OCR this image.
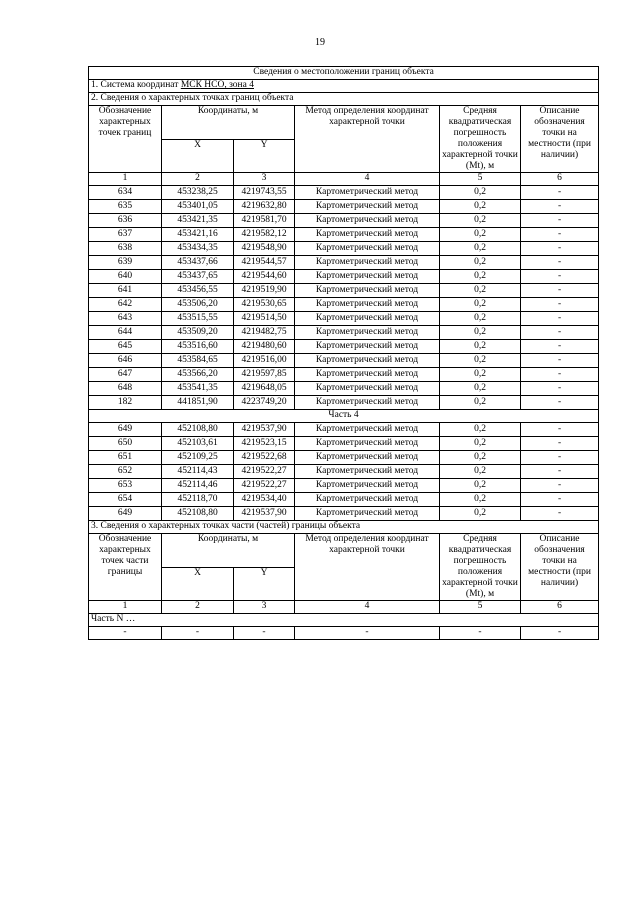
19
Сведения о местоположении границ объекта					
1. Система координат МСК НСО, зона 4					
2. Сведения о характерных точках границ объекта					
Обозначение характерных точек границ	Координаты, м		Метод определения координат характерной точки	Средняя квадратическая погрешность положения характерной точки (Mt), м	Описание обозначения точки на местности (при наличии)
	X	Y			
1	2	3	4	5	6
634	453238,25	4219743,55	Картометрический метод	0,2	-
635	453401,05	4219632,80	Картометрический метод	0,2	-
636	453421,35	4219581,70	Картометрический метод	0,2	-
637	453421,16	4219582,12	Картометрический метод	0,2	-
638	453434,35	4219548,90	Картометрический метод	0,2	-
639	453437,66	4219544,57	Картометрический метод	0,2	-
640	453437,65	4219544,60	Картометрический метод	0,2	-
641	453456,55	4219519,90	Картометрический метод	0,2	-
642	453506,20	4219530,65	Картометрический метод	0,2	-
643	453515,55	4219514,50	Картометрический метод	0,2	-
644	453509,20	4219482,75	Картометрический метод	0,2	-
645	453516,60	4219480,60	Картометрический метод	0,2	-
646	453584,65	4219516,00	Картометрический метод	0,2	-
647	453566,20	4219597,85	Картометрический метод	0,2	-
648	453541,35	4219648,05	Картометрический метод	0,2	-
182	441851,90	4223749,20	Картометрический метод	0,2	-
Часть 4					
649	452108,80	4219537,90	Картометрический метод	0,2	-
650	452103,61	4219523,15	Картометрический метод	0,2	-
651	452109,25	4219522,68	Картометрический метод	0,2	-
652	452114,43	4219522,27	Картометрический метод	0,2	-
653	452114,46	4219522,27	Картометрический метод	0,2	-
654	452118,70	4219534,40	Картометрический метод	0,2	-
649	452108,80	4219537,90	Картометрический метод	0,2	-
3. Сведения о характерных точках части (частей) границы объекта					
Обозначение характерных точек части границы	Координаты, м		Метод определения координат характерной точки	Средняя квадратическая погрешность положения характерной точки (Mt), м	Описание обозначения точки на местности (при наличии)
	X	Y			
1	2	3	4	5	6
Часть N …					
-	-	-	-	-	-
